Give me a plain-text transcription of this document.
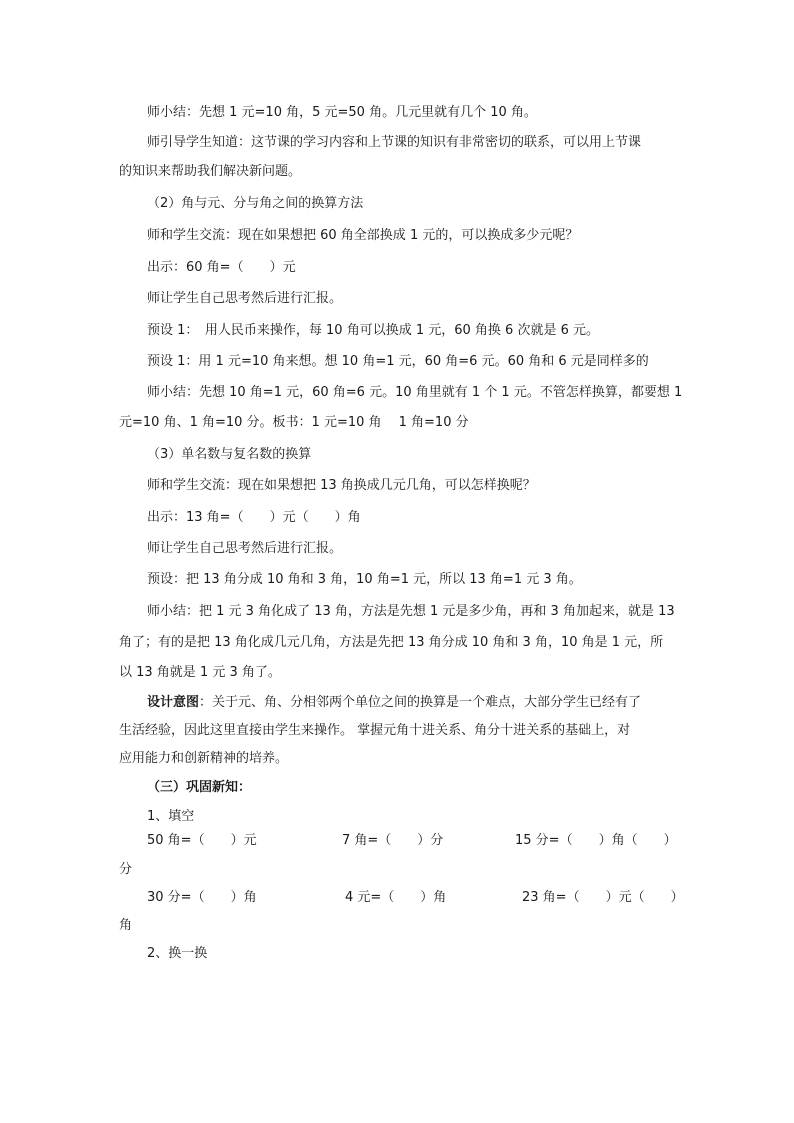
师小结：先想 1 元=10 角，5 元=50 角。几元里就有几个 10 角。
师引导学生知道：这节课的学习内容和上节课的知识有非常密切的联系，可以用上节课
的知识来帮助我们解决新问题。
（2）角与元、分与角之间的换算方法
师和学生交流：现在如果想把 60 角全部换成 1 元的，可以换成多少元呢？
出示：60 角=（　　）元
师让学生自己思考然后进行汇报。
预设 1：　用人民币来操作，每 10 角可以换成 1 元，60 角换 6 次就是 6 元。
预设 1：用 1 元=10 角来想。想 10 角=1 元，60 角=6 元。60 角和 6 元是同样多的
师小结：先想 10 角=1 元，60 角=6 元。10 角里就有 1 个 1 元。不管怎样换算，都要想 1
元=10 角、1 角=10 分。板书：1 元=10 角　 1 角=10 分
（3）单名数与复名数的换算
师和学生交流：现在如果想把 13 角换成几元几角，可以怎样换呢？
出示：13 角=（　　）元（　　）角
师让学生自己思考然后进行汇报。
预设：把 13 角分成 10 角和 3 角，10 角=1 元，所以 13 角=1 元 3 角。
师小结：把 1 元 3 角化成了 13 角，方法是先想 1 元是多少角，再和 3 角加起来，就是 13
角了；有的是把 13 角化成几元几角，方法是先把 13 角分成 10 角和 3 角，10 角是 1 元，所
以 13 角就是 1 元 3 角了。
设计意图：关于元、角、分相邻两个单位之间的换算是一个难点，大部分学生已经有了
生活经验，因此这里直接由学生来操作。 掌握元角十进关系、角分十进关系的基础上，对
应用能力和创新精神的培养。
（三）巩固新知：
1、填空
50 角=（　　）元	7 角=（　　）分	15 分=（　　）角（　　）
分
30 分=（　　）角	4 元=（　　）角	23 角=（　　）元（　　）
角
2、换一换
